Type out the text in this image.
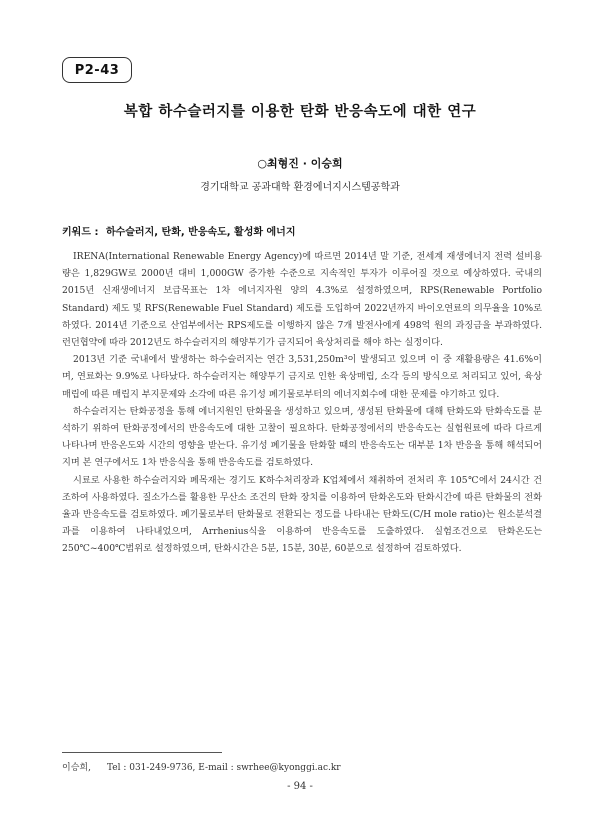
P2-43
복합 하수슬러지를 이용한 탄화 반응속도에 대한 연구
○최형진 · 이승희
경기대학교 공과대학 환경에너지시스템공학과
키워드 : 하수슬러지, 탄화, 반응속도, 활성화 에너지

IRENA(International Renewable Energy Agency)에 따르면 2014년 말 기준, 전세계 재생에너지 전력 설비용량은 1,829GW로 2000년 대비 1,000GW 증가한 수준으로 지속적인 투자가 이루어질 것으로 예상하였다. 국내의 2015년 신재생에너지 보급목표는 1차 에너지자원 양의 4.3%로 설정하였으며, RPS(Renewable Portfolio Standard) 제도 및 RFS(Renewable Fuel Standard) 제도를 도입하여 2022년까지 바이오연료의 의무율을 10%로 하였다. 2014년 기준으로 산업부에서는 RPS제도를 이행하지 않은 7개 발전사에게 498억 원의 과징금을 부과하였다. 런던협약에 따라 2012년도 하수슬러지의 해양투기가 금지되어 육상처리를 해야 하는 실정이다.

2013년 기준 국내에서 발생하는 하수슬러지는 연간 3,531,250m³이 발생되고 있으며 이 중 재활용량은 41.6%이며, 연료화는 9.9%로 나타났다. 하수슬러지는 해양투기 금지로 인한 육상매립, 소각 등의 방식으로 처리되고 있어, 육상매립에 따른 매립지 부지문제와 소각에 따른 유기성 폐기물로부터의 에너지회수에 대한 문제를 야기하고 있다.

하수슬러지는 탄화공정을 통해 에너지원인 탄화물을 생성하고 있으며, 생성된 탄화물에 대해 탄화도와 탄화속도를 분석하기 위하여 탄화공정에서의 반응속도에 대한 고찰이 필요하다. 탄화공정에서의 반응속도는 실험원료에 따라 다르게 나타나며 반응온도와 시간의 영향을 받는다. 유기성 폐기물을 탄화할 때의 반응속도는 대부분 1차 반응을 통해 해석되어지며 본 연구에서도 1차 반응식을 통해 반응속도를 검토하였다.

시료로 사용한 하수슬러지와 폐목재는 경기도 K하수처리장과 K업체에서 채취하여 전처리 후 105℃에서 24시간 건조하여 사용하였다. 질소가스를 활용한 무산소 조건의 탄화 장치를 이용하여 탄화온도와 탄화시간에 따른 탄화물의 전화율과 반응속도를 검토하였다. 폐기물로부터 탄화물로 전환되는 정도를 나타내는 탄화도(C/H mole ratio)는 원소분석결과를 이용하여 나타내었으며, Arrhenius식을 이용하여 반응속도를 도출하였다. 실험조건으로 탄화온도는 250℃~400℃범위로 설정하였으며, 탄화시간은 5분, 15분, 30분, 60분으로 설정하여 검토하였다.

이승희, Tel : 031-249-9736, E-mail : swrhee@kyonggi.ac.kr
- 94 -
